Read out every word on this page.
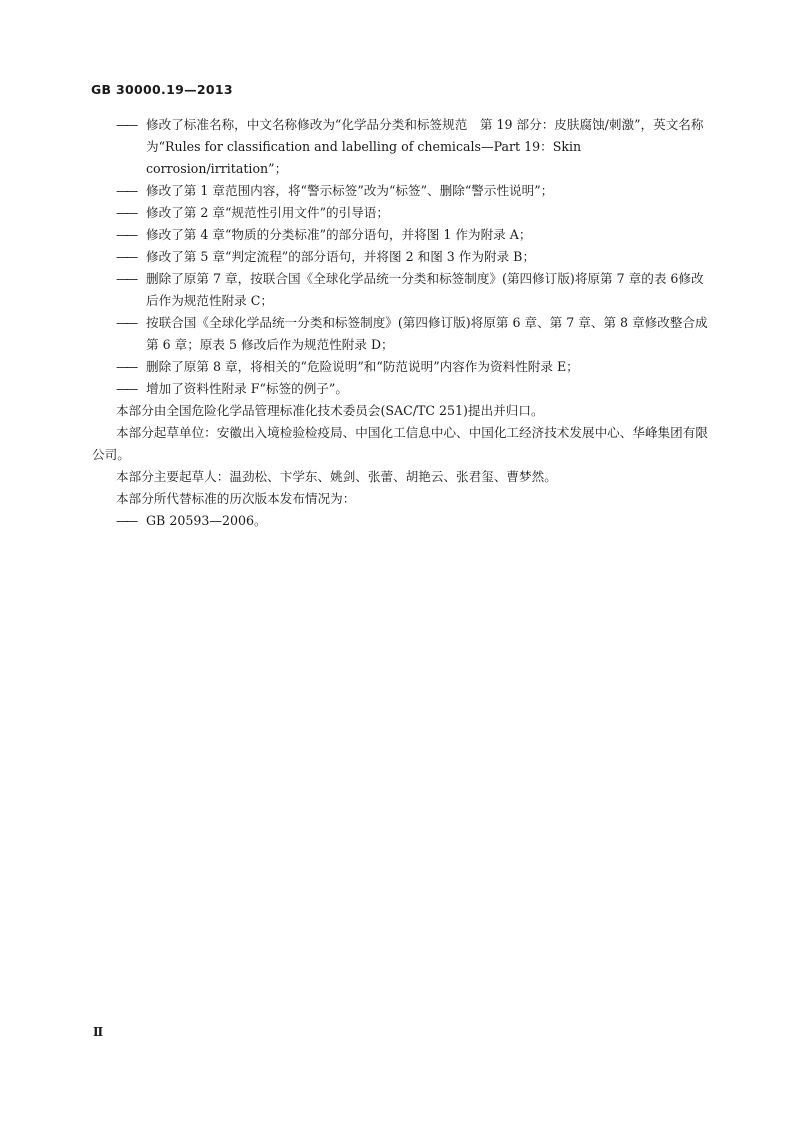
GB 30000.19—2013

—— 修改了标准名称，中文名称修改为“化学品分类和标签规范　第 19 部分：皮肤腐蚀/刺激”，英文名称为“Rules for classification and labelling of chemicals—Part 19：Skin corrosion/irritation”；

—— 修改了第 1 章范围内容，将“警示标签”改为“标签”、删除“警示性说明”；

—— 修改了第 2 章“规范性引用文件”的引导语；

—— 修改了第 4 章“物质的分类标准”的部分语句，并将图 1 作为附录 A；

—— 修改了第 5 章“判定流程”的部分语句，并将图 2 和图 3 作为附录 B；

—— 删除了原第 7 章，按联合国《全球化学品统一分类和标签制度》(第四修订版)将原第 7 章的表 6修改后作为规范性附录 C；

—— 按联合国《全球化学品统一分类和标签制度》(第四修订版)将原第 6 章、第 7 章、第 8 章修改整合成第 6 章；原表 5 修改后作为规范性附录 D；

—— 删除了原第 8 章，将相关的“危险说明”和“防范说明”内容作为资料性附录 E；

—— 增加了资料性附录 F“标签的例子”。

本部分由全国危险化学品管理标准化技术委员会(SAC/TC 251)提出并归口。

本部分起草单位：安徽出入境检验检疫局、中国化工信息中心、中国化工经济技术发展中心、华峰集团有限公司。

本部分主要起草人：温劲松、卞学东、姚剑、张蕾、胡艳云、张君玺、曹梦然。

本部分所代替标准的历次版本发布情况为：

—— GB 20593—2006。

Ⅱ
